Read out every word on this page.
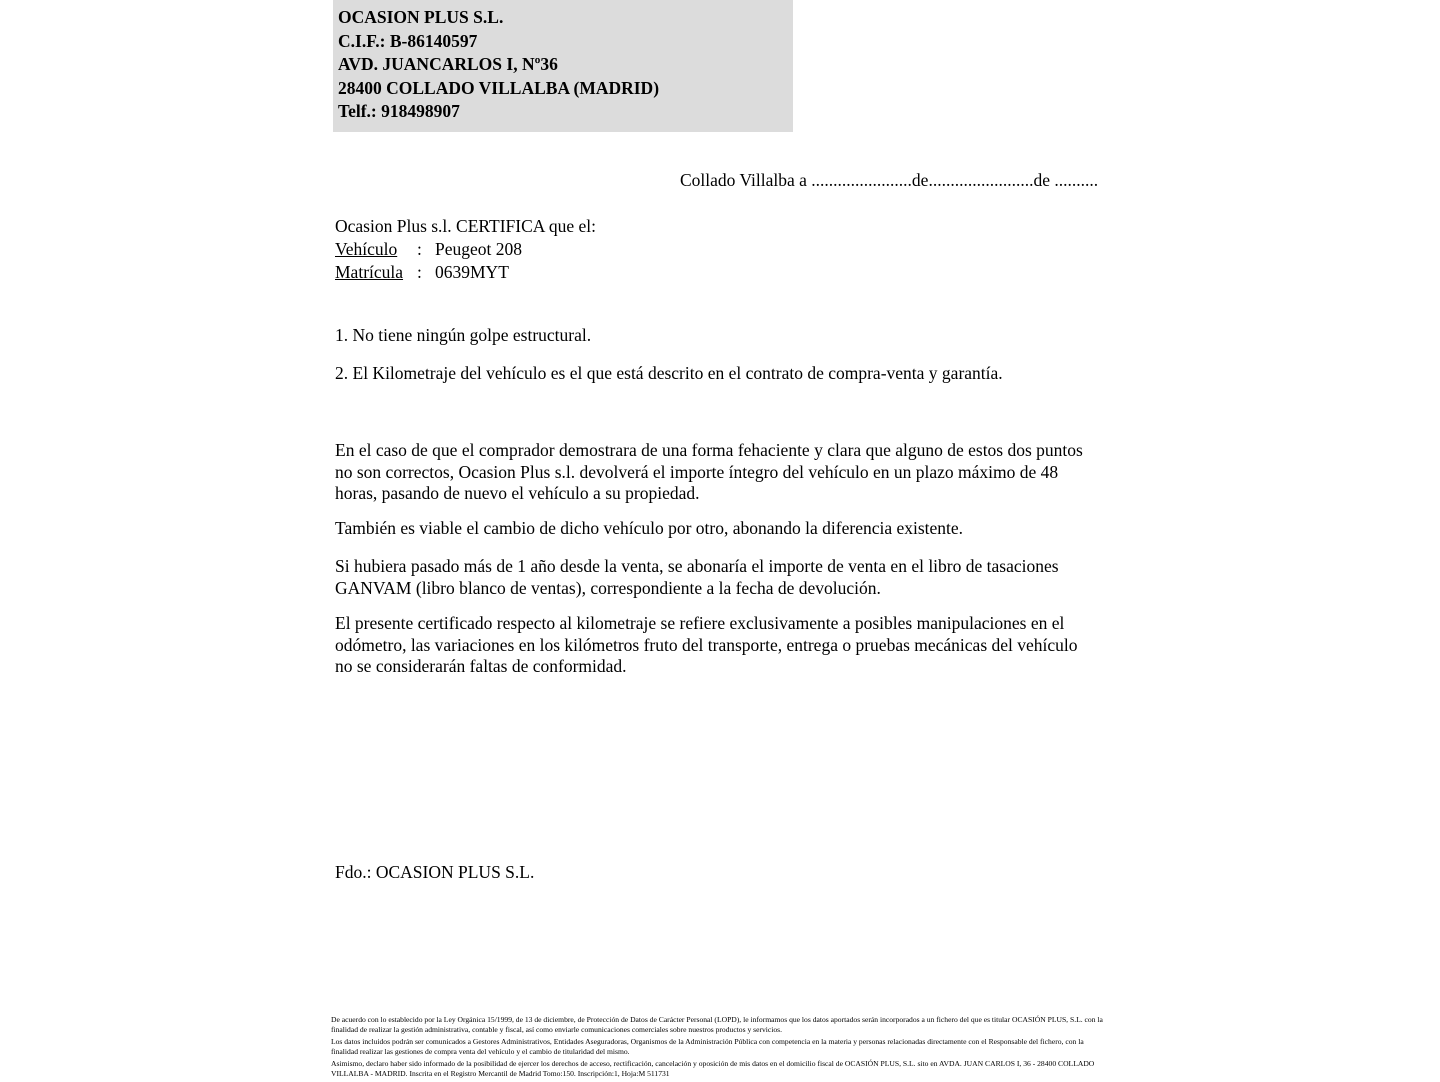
OCASION PLUS S.L.
C.I.F.: B-86140597
AVD. JUANCARLOS I, Nº36
28400 COLLADO VILLALBA (MADRID)
Telf.: 918498907
Collado Villalba a .......................de........................de ..........
Ocasion Plus s.l. CERTIFICA que el:
Vehículo	: Peugeot 208
Matrícula : 0639MYT
1. No tiene ningún golpe estructural.
2. El Kilometraje del vehículo es el que está descrito en el contrato de compra-venta y garantía.
En el caso de que el comprador demostrara de una forma fehaciente y clara que alguno de estos dos puntos no son correctos, Ocasion Plus s.l. devolverá el importe íntegro del vehículo en un plazo máximo de 48 horas, pasando de nuevo el vehículo a su propiedad.
También es viable el cambio de dicho vehículo por otro, abonando la diferencia existente.
Si hubiera pasado más de 1 año desde la venta, se abonaría el importe de venta en el libro de tasaciones GANVAM (libro blanco de ventas), correspondiente a la fecha de devolución.
El presente certificado respecto al kilometraje se refiere exclusivamente a posibles manipulaciones en el odómetro, las variaciones en los kilómetros fruto del transporte, entrega o pruebas mecánicas del vehículo no se considerarán faltas de conformidad.
Fdo.: OCASION PLUS S.L.

De acuerdo con lo establecido por la Ley Orgánica 15/1999, de 13 de diciembre, de Protección de Datos de Carácter Personal (LOPD), le informamos que los datos aportados serán incorporados a un fichero del que es titular OCASIÓN PLUS, S.L. con la finalidad de realizar la gestión administrativa, contable y fiscal, así como enviarle comunicaciones comerciales sobre nuestros productos y servicios.

Los datos incluidos podrán ser comunicados a Gestores Administrativos, Entidades Aseguradoras, Organismos de la Administración Pública con competencia en la materia y personas relacionadas directamente con el Responsable del fichero, con la finalidad realizar las gestiones de compra venta del vehículo y el cambio de titularidad del mismo.

Asimismo, declaro haber sido informado de la posibilidad de ejercer los derechos de acceso, rectificación, cancelación y oposición de mis datos en el domicilio fiscal de OCASIÓN PLUS, S.L. sito en AVDA. JUAN CARLOS I, 36 - 28400 COLLADO VILLALBA - MADRID. Inscrita en el Registro Mercantil de Madrid Tomo:150. Inscripción:1, Hoja:M 511731
